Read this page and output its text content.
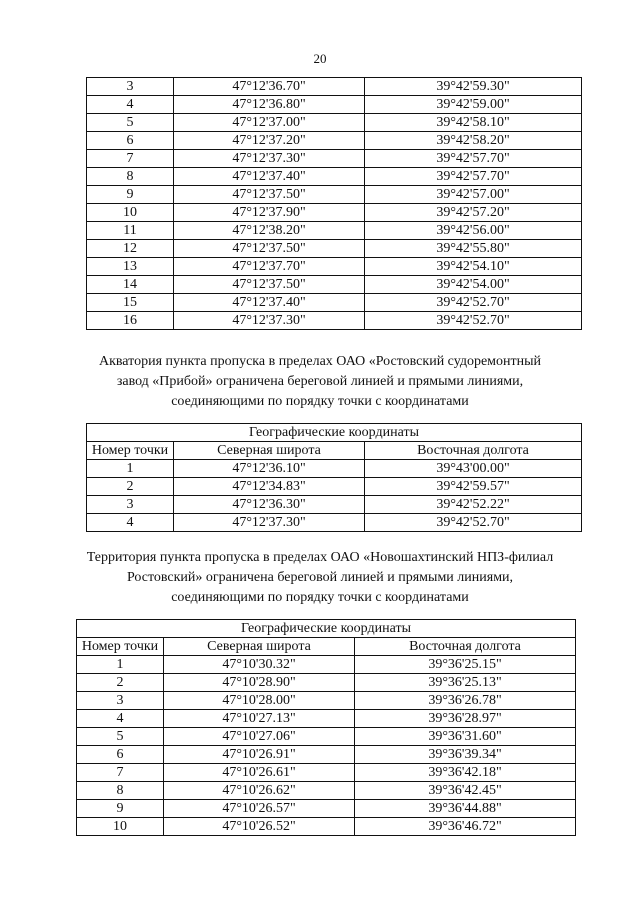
20
3	47°12'36.70"	39°42'59.30"
4	47°12'36.80"	39°42'59.00"
5	47°12'37.00"	39°42'58.10"
6	47°12'37.20"	39°42'58.20"
7	47°12'37.30"	39°42'57.70"
8	47°12'37.40"	39°42'57.70"
9	47°12'37.50"	39°42'57.00"
10	47°12'37.90"	39°42'57.20"
11	47°12'38.20"	39°42'56.00"
12	47°12'37.50"	39°42'55.80"
13	47°12'37.70"	39°42'54.10"
14	47°12'37.50"	39°42'54.00"
15	47°12'37.40"	39°42'52.70"
16	47°12'37.30"	39°42'52.70"
Акватория пункта пропуска в пределах ОАО «Ростовский судоремонтный
завод «Прибой» ограничена береговой линией и прямыми линиями,
соединяющими по порядку точки с координатами
Географические координаты		
Номер точки	Северная широта	Восточная долгота
1	47°12'36.10"	39°43'00.00"
2	47°12'34.83"	39°42'59.57"
3	47°12'36.30"	39°42'52.22"
4	47°12'37.30"	39°42'52.70"
Территория пункта пропуска в пределах ОАО «Новошахтинский НПЗ-филиал
Ростовский» ограничена береговой линией и прямыми линиями,
соединяющими по порядку точки с координатами
Географические координаты		
Номер точки	Северная широта	Восточная долгота
1	47°10'30.32"	39°36'25.15"
2	47°10'28.90"	39°36'25.13"
3	47°10'28.00"	39°36'26.78"
4	47°10'27.13"	39°36'28.97"
5	47°10'27.06"	39°36'31.60"
6	47°10'26.91"	39°36'39.34"
7	47°10'26.61"	39°36'42.18"
8	47°10'26.62"	39°36'42.45"
9	47°10'26.57"	39°36'44.88"
10	47°10'26.52"	39°36'46.72"
